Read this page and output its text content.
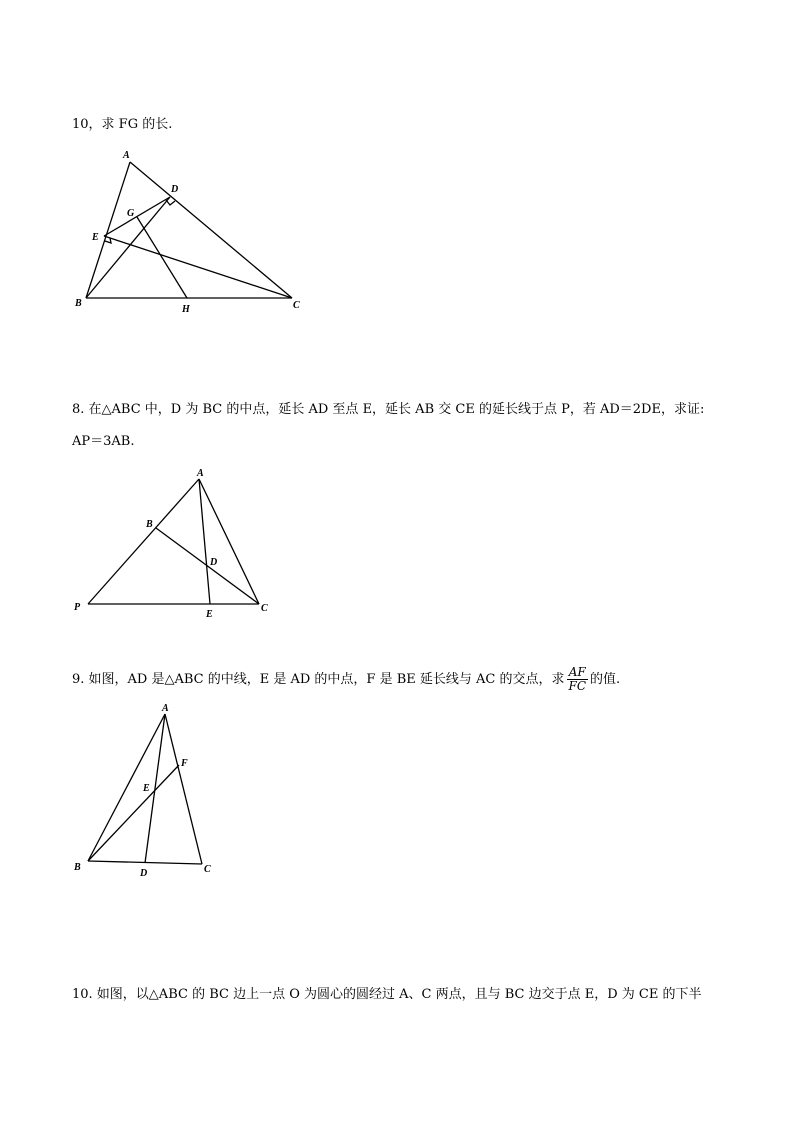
10，求 FG 的长.
A
D
G
E
B
H	C
8. 在△ABC 中，D 为 BC 的中点，延长 AD 至点 E，延长 AB 交 CE 的延长线于点 P，若 AD＝2DE，求证:
AP＝3AB.
A
B
D
P
E
C
9. 如图，AD 是△ABC 的中线，E 是 AD 的中点，F 是 BE 延长线与 AC 的交点，求 $\frac{AF}{FC}$ 的值.
A
F
E
B
D	C
10. 如图，以△ABC 的 BC 边上一点 O 为圆心的圆经过 A、C 两点，且与 BC 边交于点 E，D 为 CE 的下半
